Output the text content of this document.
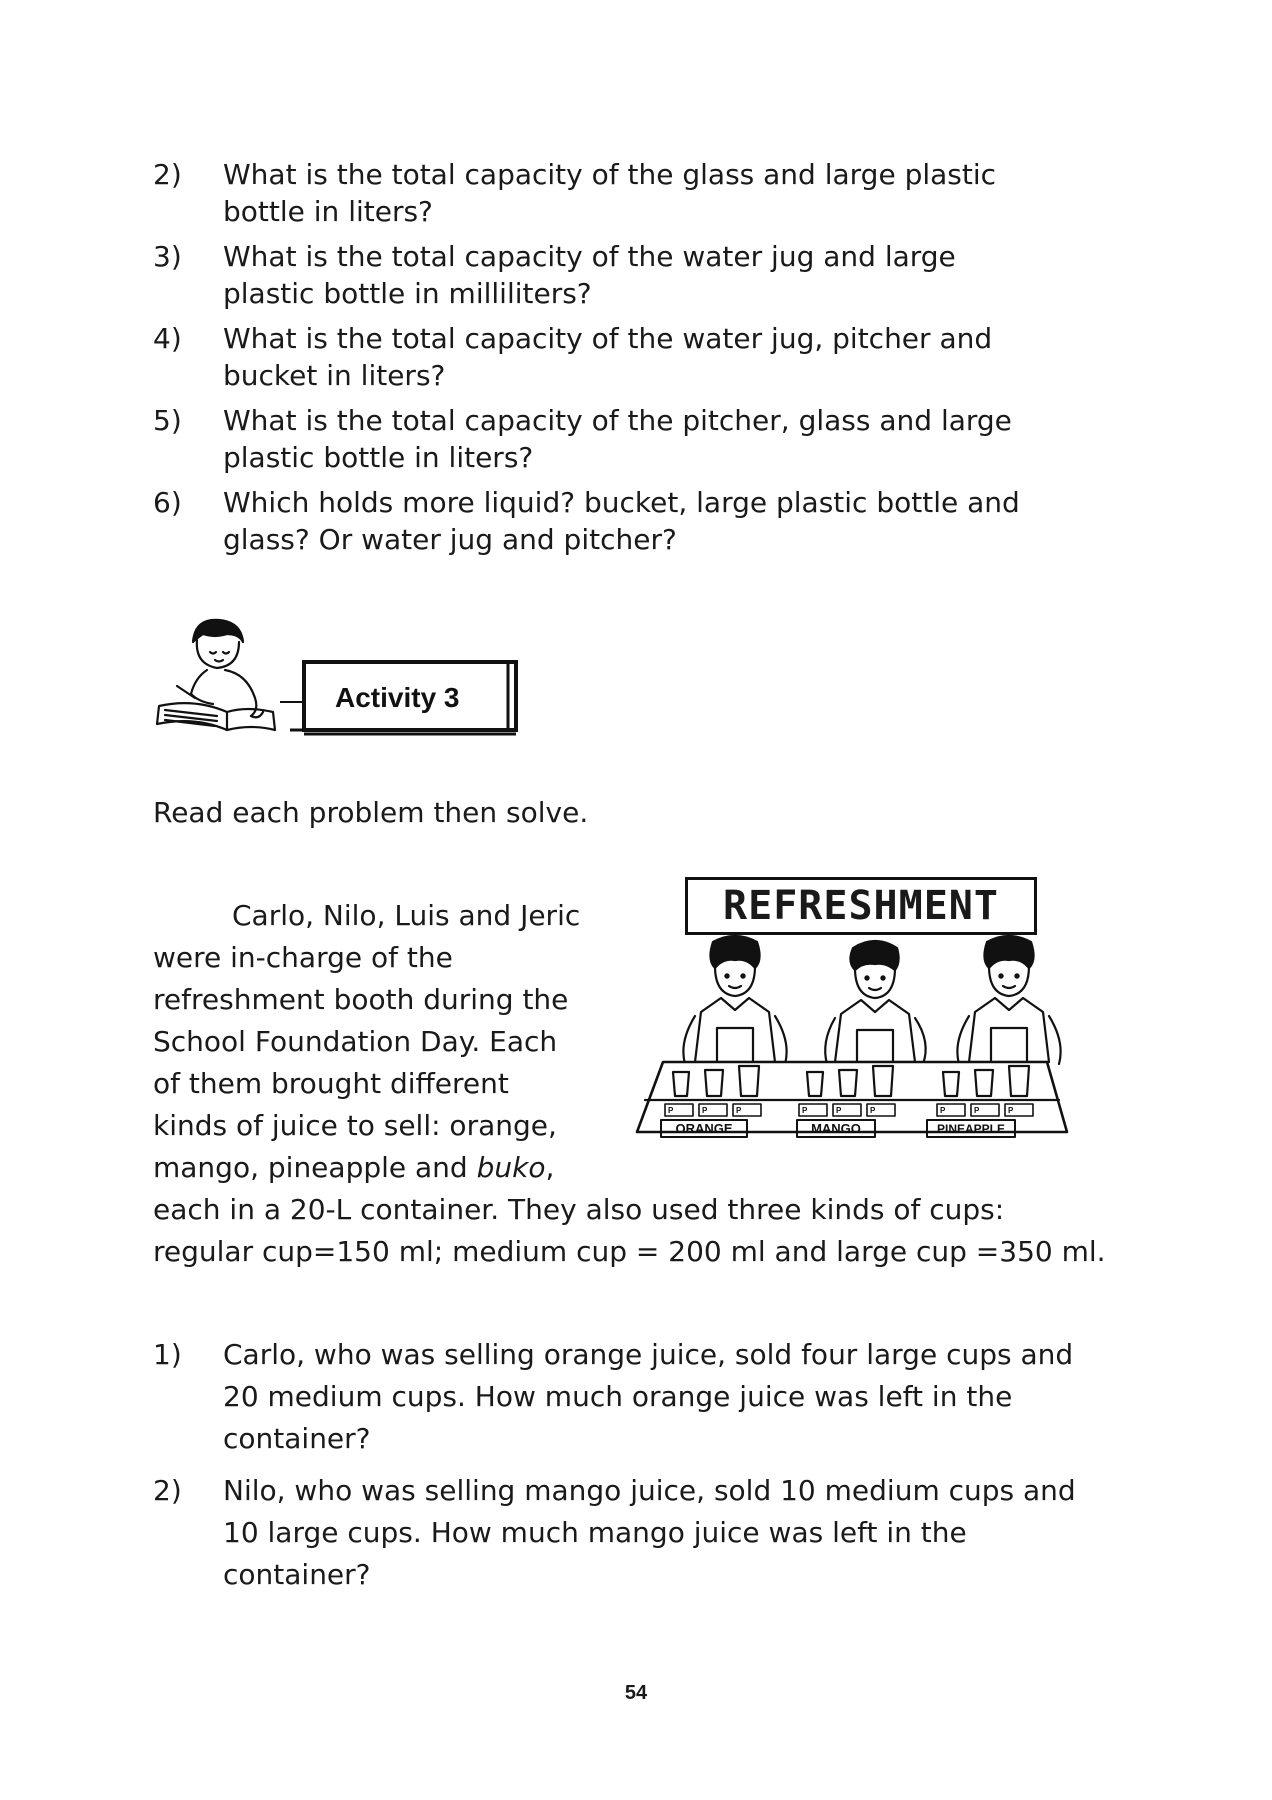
2)	What is the total capacity of the glass and large plastic
bottle in liters?
3)	What is the total capacity of the water jug and large
plastic bottle in milliliters?
4)	What is the total capacity of the water jug, pitcher and
bucket in liters?
5)	What is the total capacity of the pitcher, glass and large
plastic bottle in liters?
6)	Which holds more liquid? bucket, large plastic bottle and
glass? Or water jug and pitcher?
Activity 3
Read each problem then solve.
Carlo, Nilo, Luis and Jeric
were in-charge of the
refreshment booth during the
School Foundation Day. Each
of them brought different
kinds of juice to sell: orange,
mango, pineapple and buko,
each in a 20-L container. They also used three kinds of cups:
regular cup=150 ml; medium cup = 200 ml and large cup =350 ml.
REFRESHMENT
P	P	P	P	P	P	P	P	P
ORANGE	MANGO	PINEAPPLE
1)	Carlo, who was selling orange juice, sold four large cups and
20 medium cups. How much orange juice was left in the
container?
2)	Nilo, who was selling mango juice, sold 10 medium cups and
10 large cups. How much mango juice was left in the
container?
54
